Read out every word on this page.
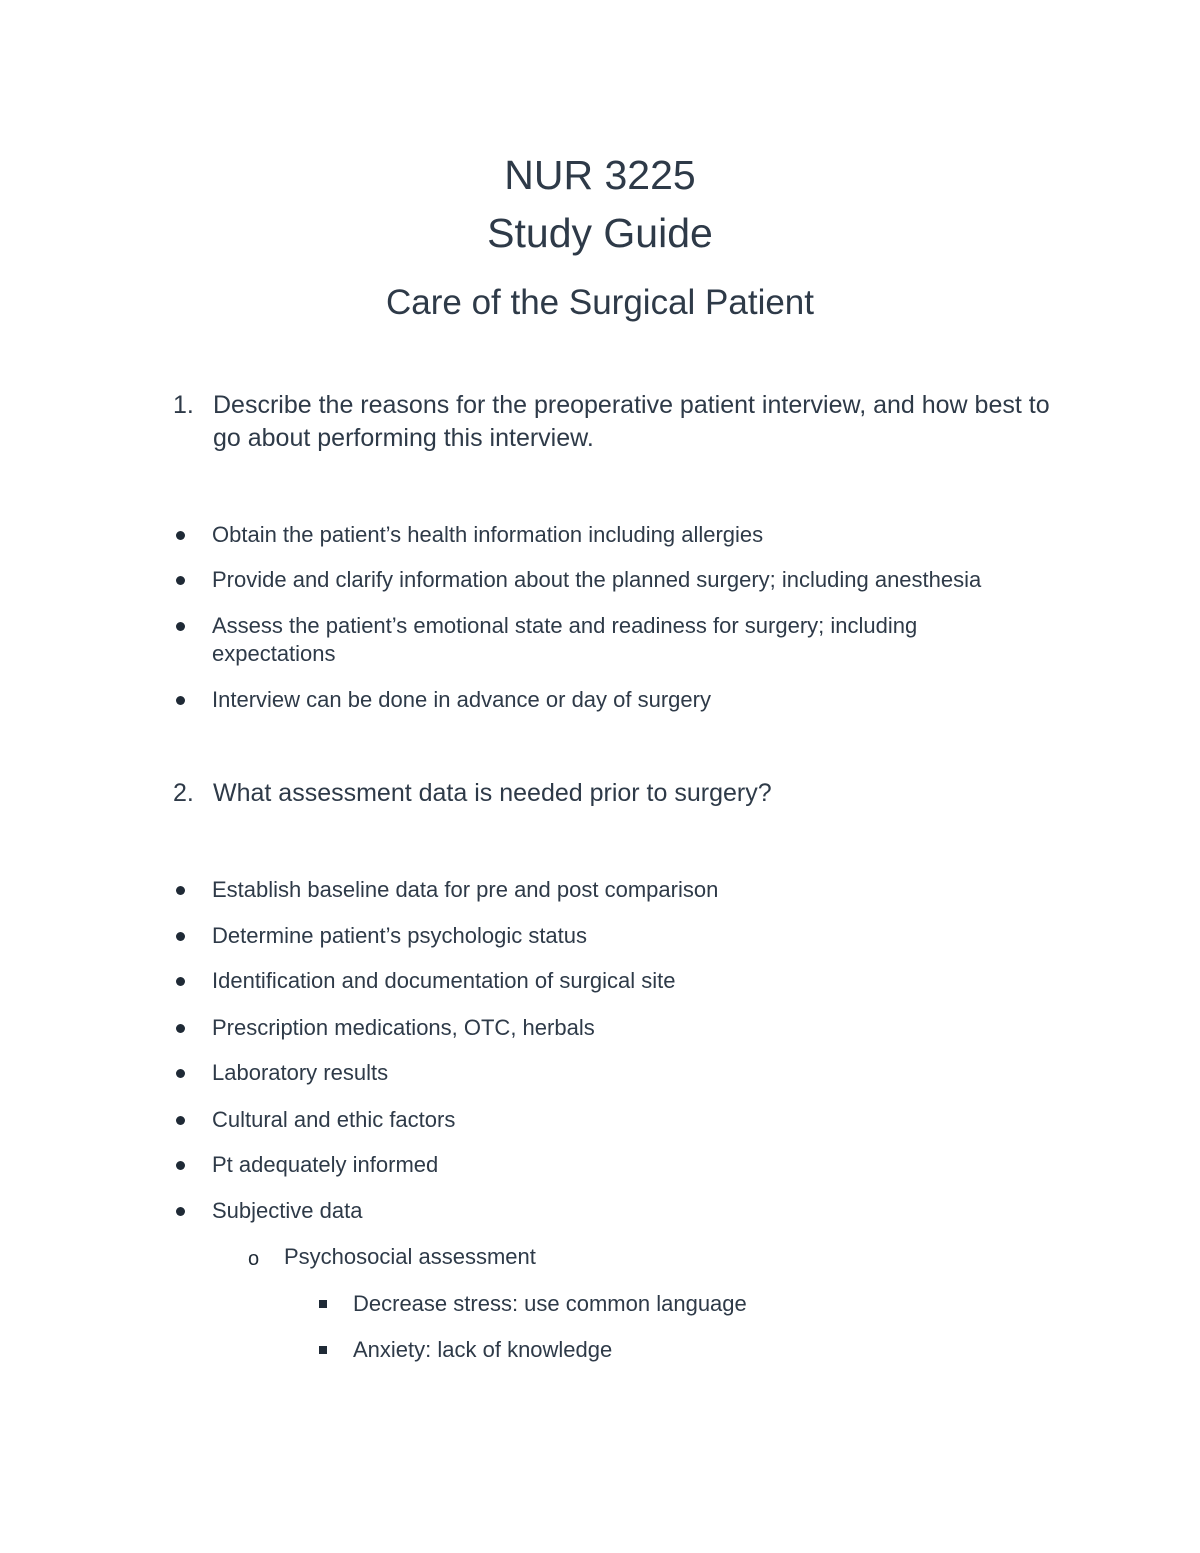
NUR 3225
Study Guide
Care of the Surgical Patient
1. Describe the reasons for the preoperative patient interview, and how best to go about performing this interview.
Obtain the patient’s health information including allergies
Provide and clarify information about the planned surgery; including anesthesia
Assess the patient’s emotional state and readiness for surgery; including expectations
Interview can be done in advance or day of surgery
2. What assessment data is needed prior to surgery?
Establish baseline data for pre and post comparison
Determine patient’s psychologic status
Identification and documentation of surgical site
Prescription medications, OTC, herbals
Laboratory results
Cultural and ethic factors
Pt adequately informed
Subjective data
o Psychosocial assessment
Decrease stress: use common language
Anxiety: lack of knowledge
